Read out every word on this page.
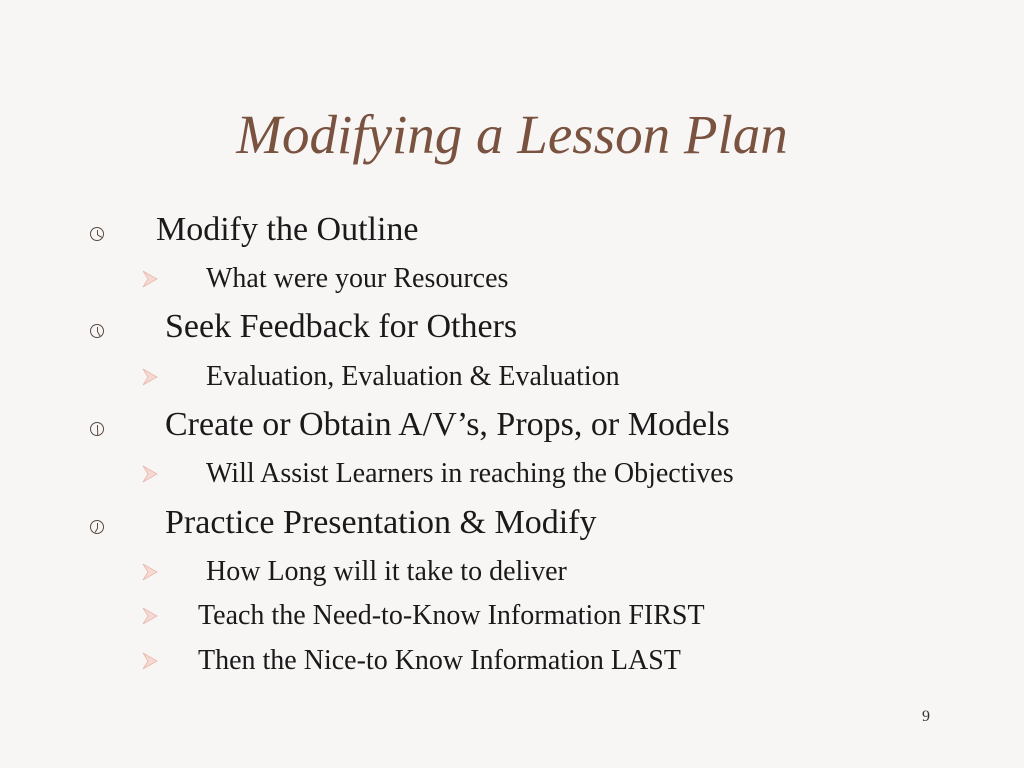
Modifying a Lesson Plan
Modify the Outline
What were your Resources
Seek Feedback for Others
Evaluation, Evaluation & Evaluation
Create or Obtain A/V’s, Props, or Models
Will Assist Learners in reaching the Objectives
Practice Presentation & Modify
How Long will it take to deliver
Teach the Need-to-Know Information FIRST
Then the Nice-to Know Information LAST
9
